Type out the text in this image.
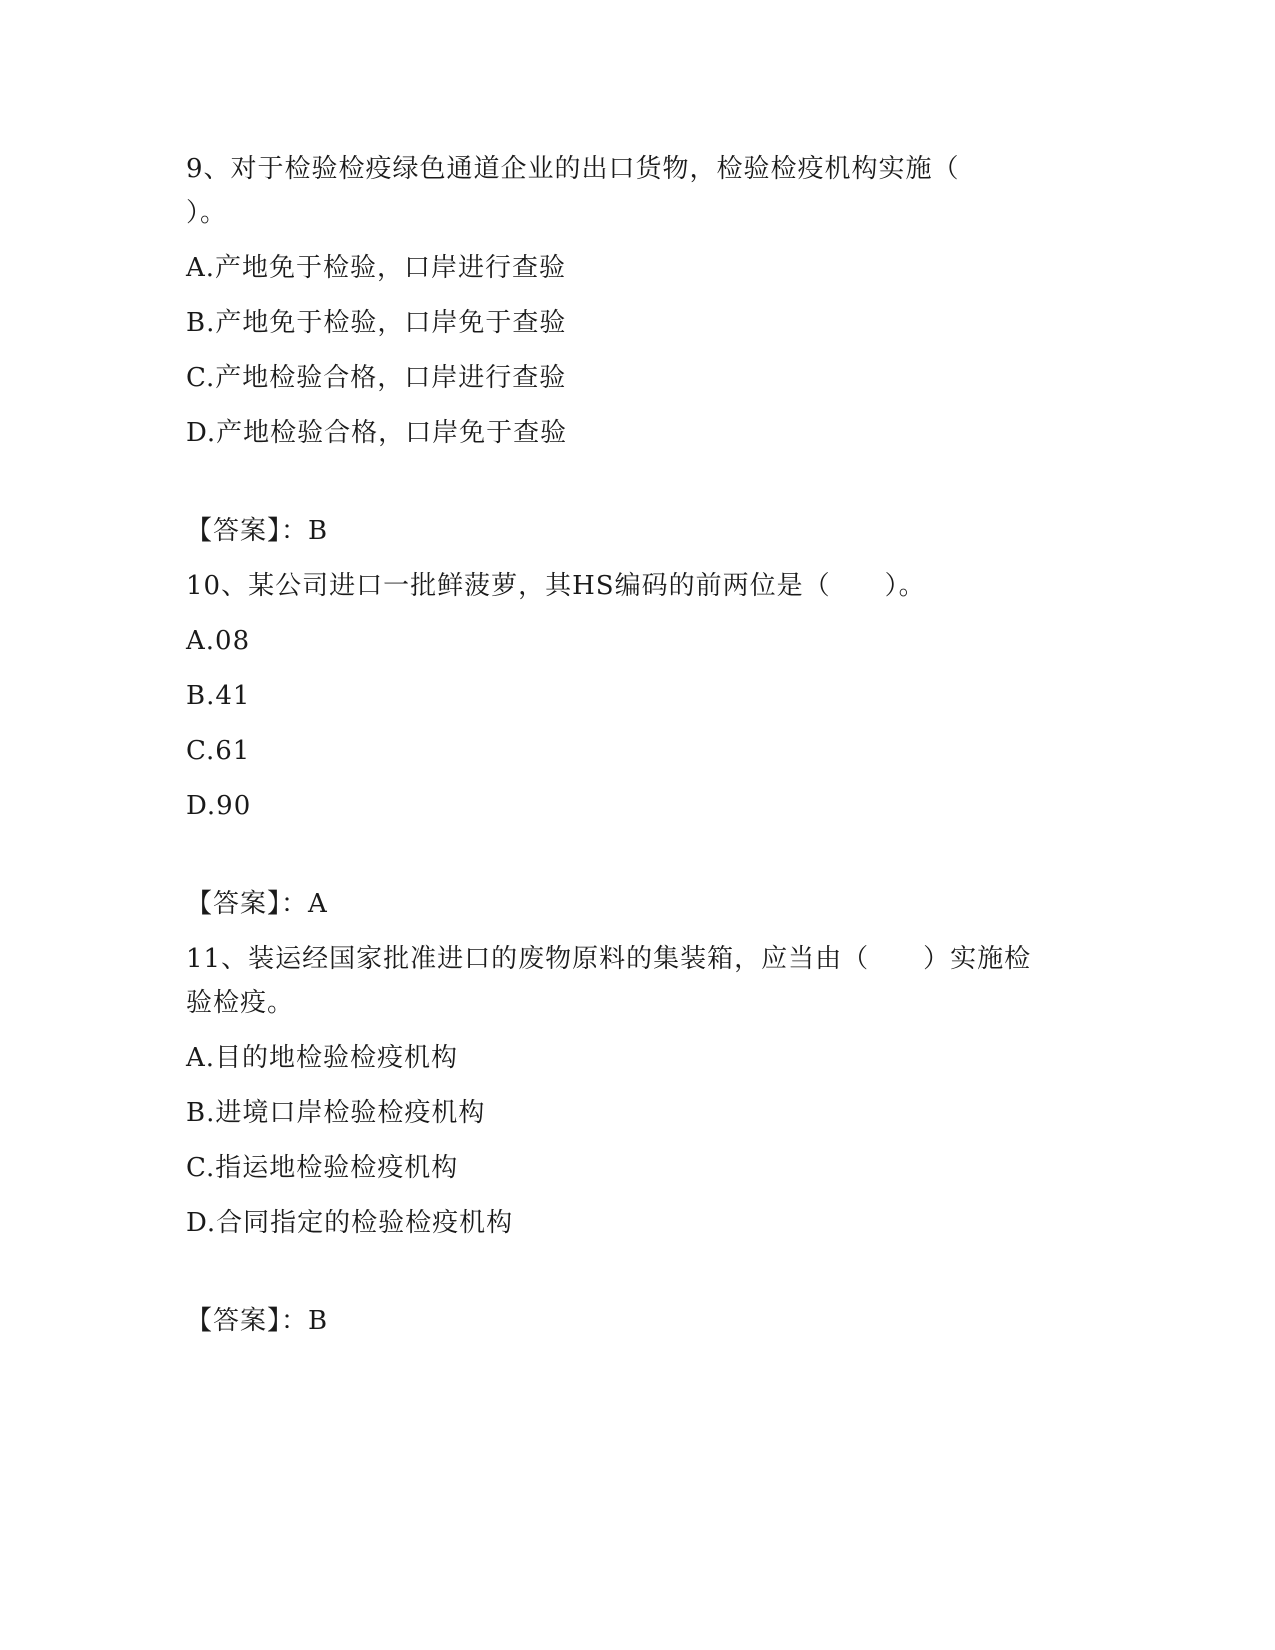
9、对于检验检疫绿色通道企业的出口货物，检验检疫机构实施（
）。
A.产地免于检验，口岸进行查验
B.产地免于检验，口岸免于查验
C.产地检验合格，口岸进行查验
D.产地检验合格，口岸免于查验
【答案】：B
10、某公司进口一批鲜菠萝，其HS编码的前两位是（　　）。
A.08
B.41
C.61
D.90
【答案】：A
11、装运经国家批准进口的废物原料的集装箱，应当由（　　）实施检
验检疫。
A.目的地检验检疫机构
B.进境口岸检验检疫机构
C.指运地检验检疫机构
D.合同指定的检验检疫机构
【答案】：B
